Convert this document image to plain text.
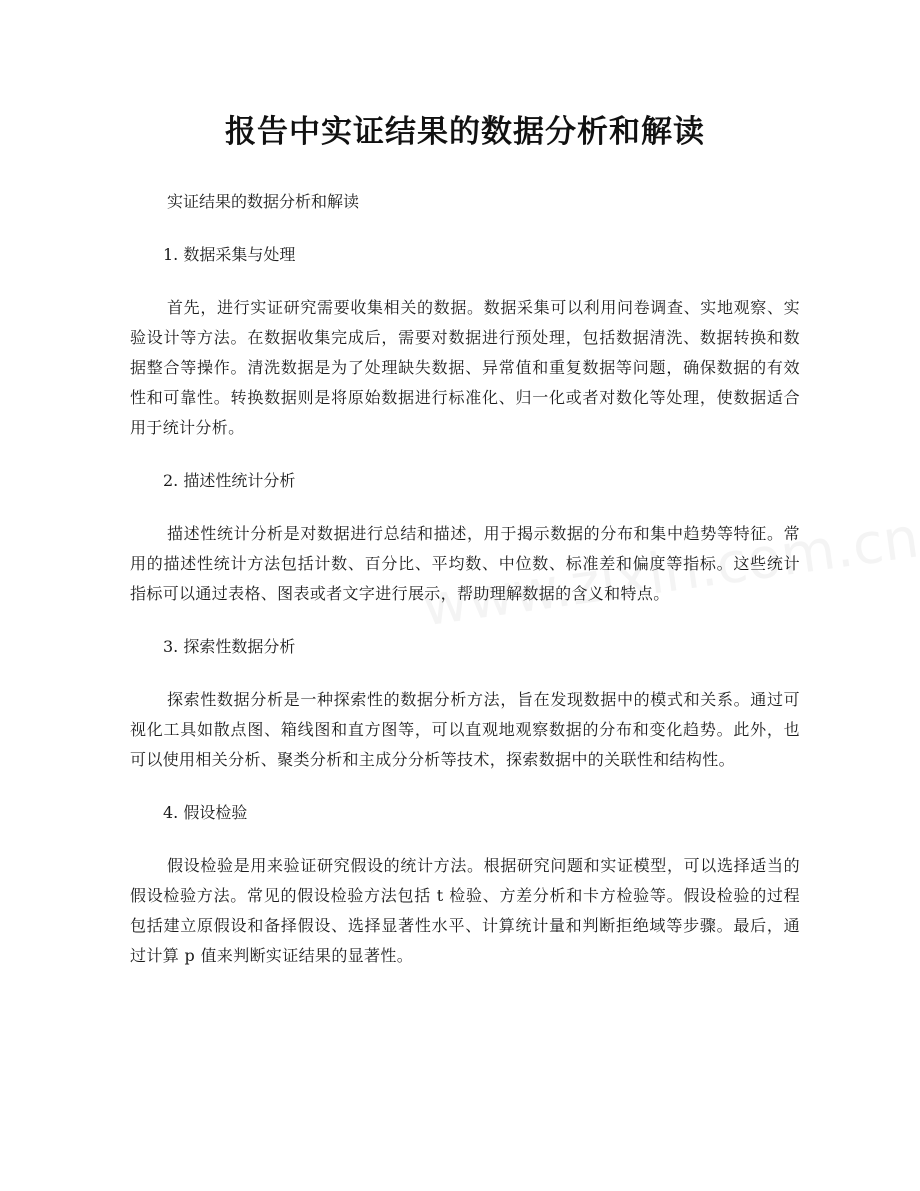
报告中实证结果的数据分析和解读

实证结果的数据分析和解读

1. 数据采集与处理

首先，进行实证研究需要收集相关的数据。数据采集可以利用问卷调查、实地观察、实验设计等方法。在数据收集完成后，需要对数据进行预处理，包括数据清洗、数据转换和数据整合等操作。清洗数据是为了处理缺失数据、异常值和重复数据等问题，确保数据的有效性和可靠性。转换数据则是将原始数据进行标准化、归一化或者对数化等处理，使数据适合用于统计分析。

2. 描述性统计分析

描述性统计分析是对数据进行总结和描述，用于揭示数据的分布和集中趋势等特征。常用的描述性统计方法包括计数、百分比、平均数、中位数、标准差和偏度等指标。这些统计指标可以通过表格、图表或者文字进行展示，帮助理解数据的含义和特点。

3. 探索性数据分析

探索性数据分析是一种探索性的数据分析方法，旨在发现数据中的模式和关系。通过可视化工具如散点图、箱线图和直方图等，可以直观地观察数据的分布和变化趋势。此外，也可以使用相关分析、聚类分析和主成分分析等技术，探索数据中的关联性和结构性。

4. 假设检验

假设检验是用来验证研究假设的统计方法。根据研究问题和实证模型，可以选择适当的假设检验方法。常见的假设检验方法包括 t 检验、方差分析和卡方检验等。假设检验的过程包括建立原假设和备择假设、选择显著性水平、计算统计量和判断拒绝域等步骤。最后，通过计算 p 值来判断实证结果的显著性。
